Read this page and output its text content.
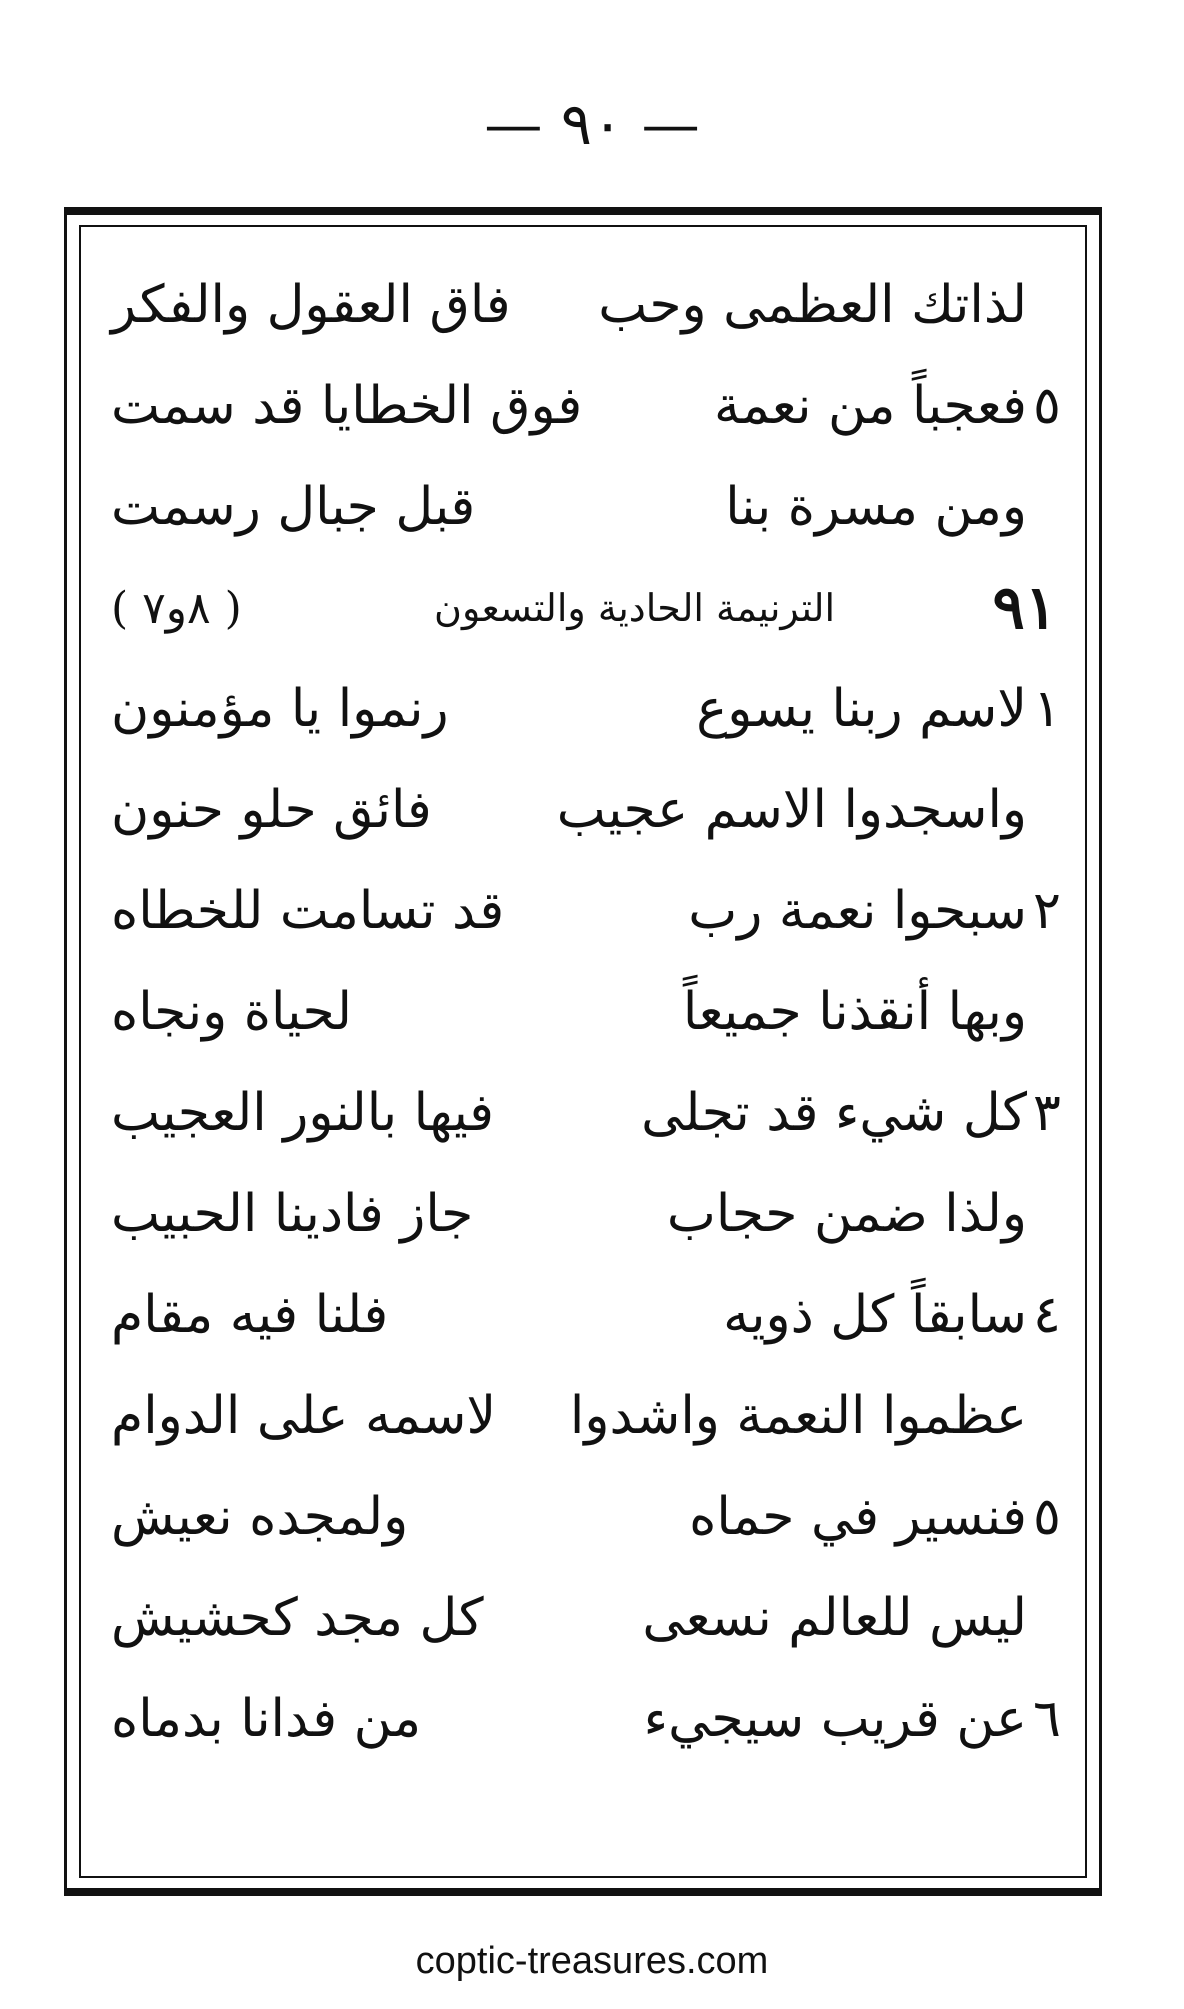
— ٩٠ —
لذاتك العظمى وحب
فاق العقول والفكر
٥
فعجباً من نعمة
فوق الخطايا قد سمت
ومن مسرة بنا
قبل جبال رسمت
٩١
الترنيمة الحادية والتسعون
( ٨و٧ )
١
لاسم ربنا يسوع
رنموا يا مؤمنون
واسجدوا الاسم عجيب
فائق حلو حنون
٢
سبحوا نعمة رب
قد تسامت للخطاه
وبها أنقذنا جميعاً
لحياة ونجاه
٣
كل شيء قد تجلى
فيها بالنور العجيب
ولذا ضمن حجاب
جاز فادينا الحبيب
٤
سابقاً كل ذويه
فلنا فيه مقام
عظموا النعمة واشدوا
لاسمه على الدوام
٥
فنسير في حماه
ولمجده نعيش
ليس للعالم نسعى
كل مجد كحشيش
٦
عن قريب سيجيء
من فدانا بدماه
coptic-treasures.com
